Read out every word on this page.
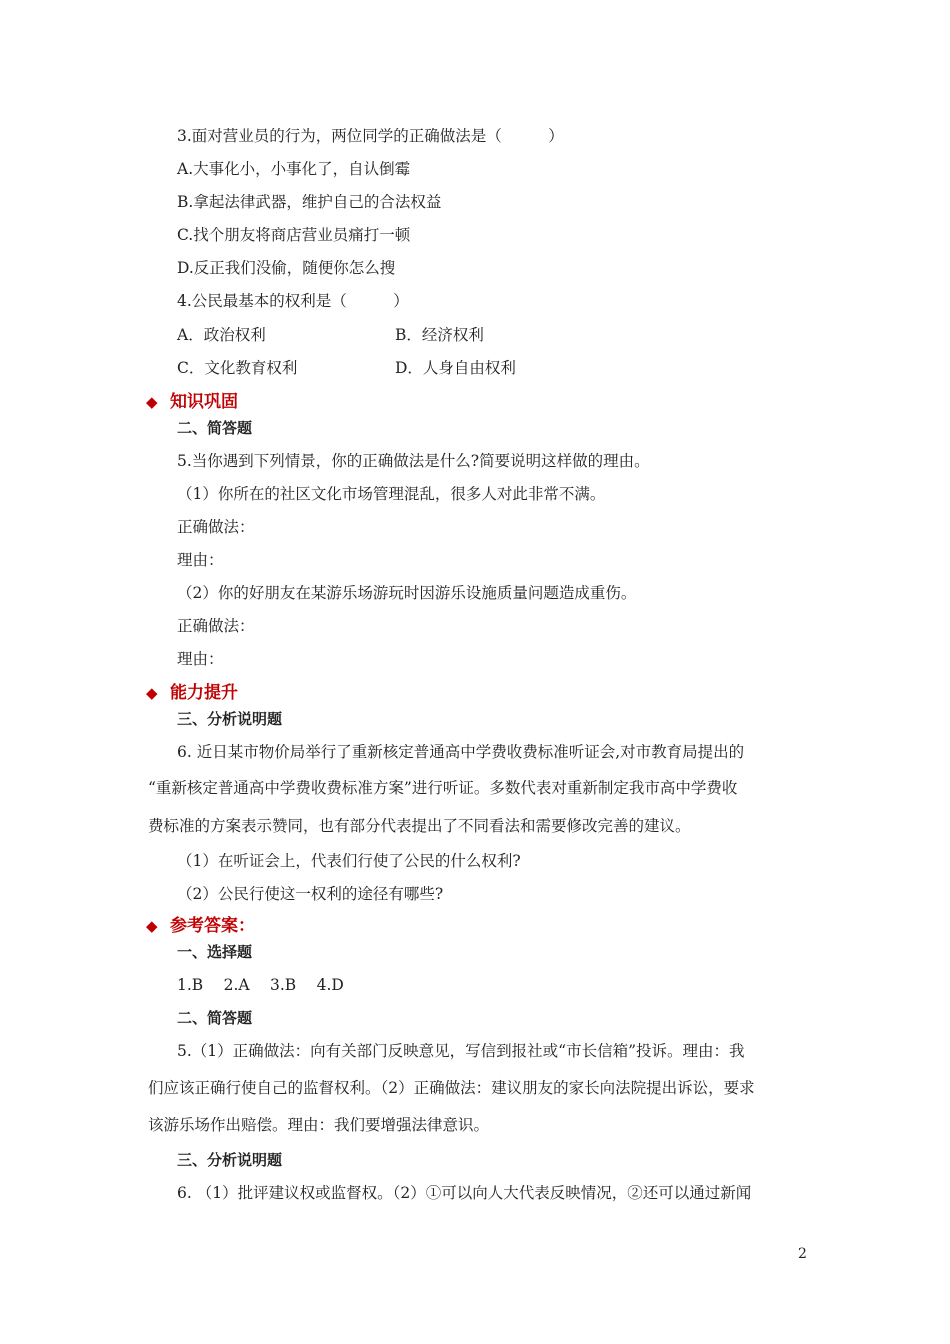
3.面对营业员的行为，两位同学的正确做法是（　　　）
A.大事化小，小事化了，自认倒霉
B.拿起法律武器，维护自己的合法权益
C.找个朋友将商店营业员痛打一顿
D.反正我们没偷，随便你怎么搜
4.公民最基本的权利是（　　　）
A．政治权利	B．经济权利
C．文化教育权利	D．人身自由权利
◆ 知识巩固
二、简答题
5.当你遇到下列情景，你的正确做法是什么?简要说明这样做的理由。
（1）你所在的社区文化市场管理混乱，很多人对此非常不满。
正确做法：
理由：
（2）你的好朋友在某游乐场游玩时因游乐设施质量问题造成重伤。
正确做法：
理由：
◆ 能力提升
三、分析说明题
6. 近日某市物价局举行了重新核定普通高中学费收费标准听证会,对市教育局提出的
“重新核定普通高中学费收费标准方案”进行听证。多数代表对重新制定我市高中学费收
费标准的方案表示赞同，也有部分代表提出了不同看法和需要修改完善的建议。
（1）在听证会上，代表们行使了公民的什么权利?
（2）公民行使这一权利的途径有哪些?
◆ 参考答案：
一、选择题
1.B　 2.A　 3.B　 4.D
二、简答题
5.（1）正确做法：向有关部门反映意见，写信到报社或“市长信箱”投诉。理由：我
们应该正确行使自己的监督权利。（2）正确做法：建议朋友的家长向法院提出诉讼，要求
该游乐场作出赔偿。理由：我们要增强法律意识。
三、分析说明题
6. （1）批评建议权或监督权。（2）①可以向人大代表反映情况，②还可以通过新闻
2
